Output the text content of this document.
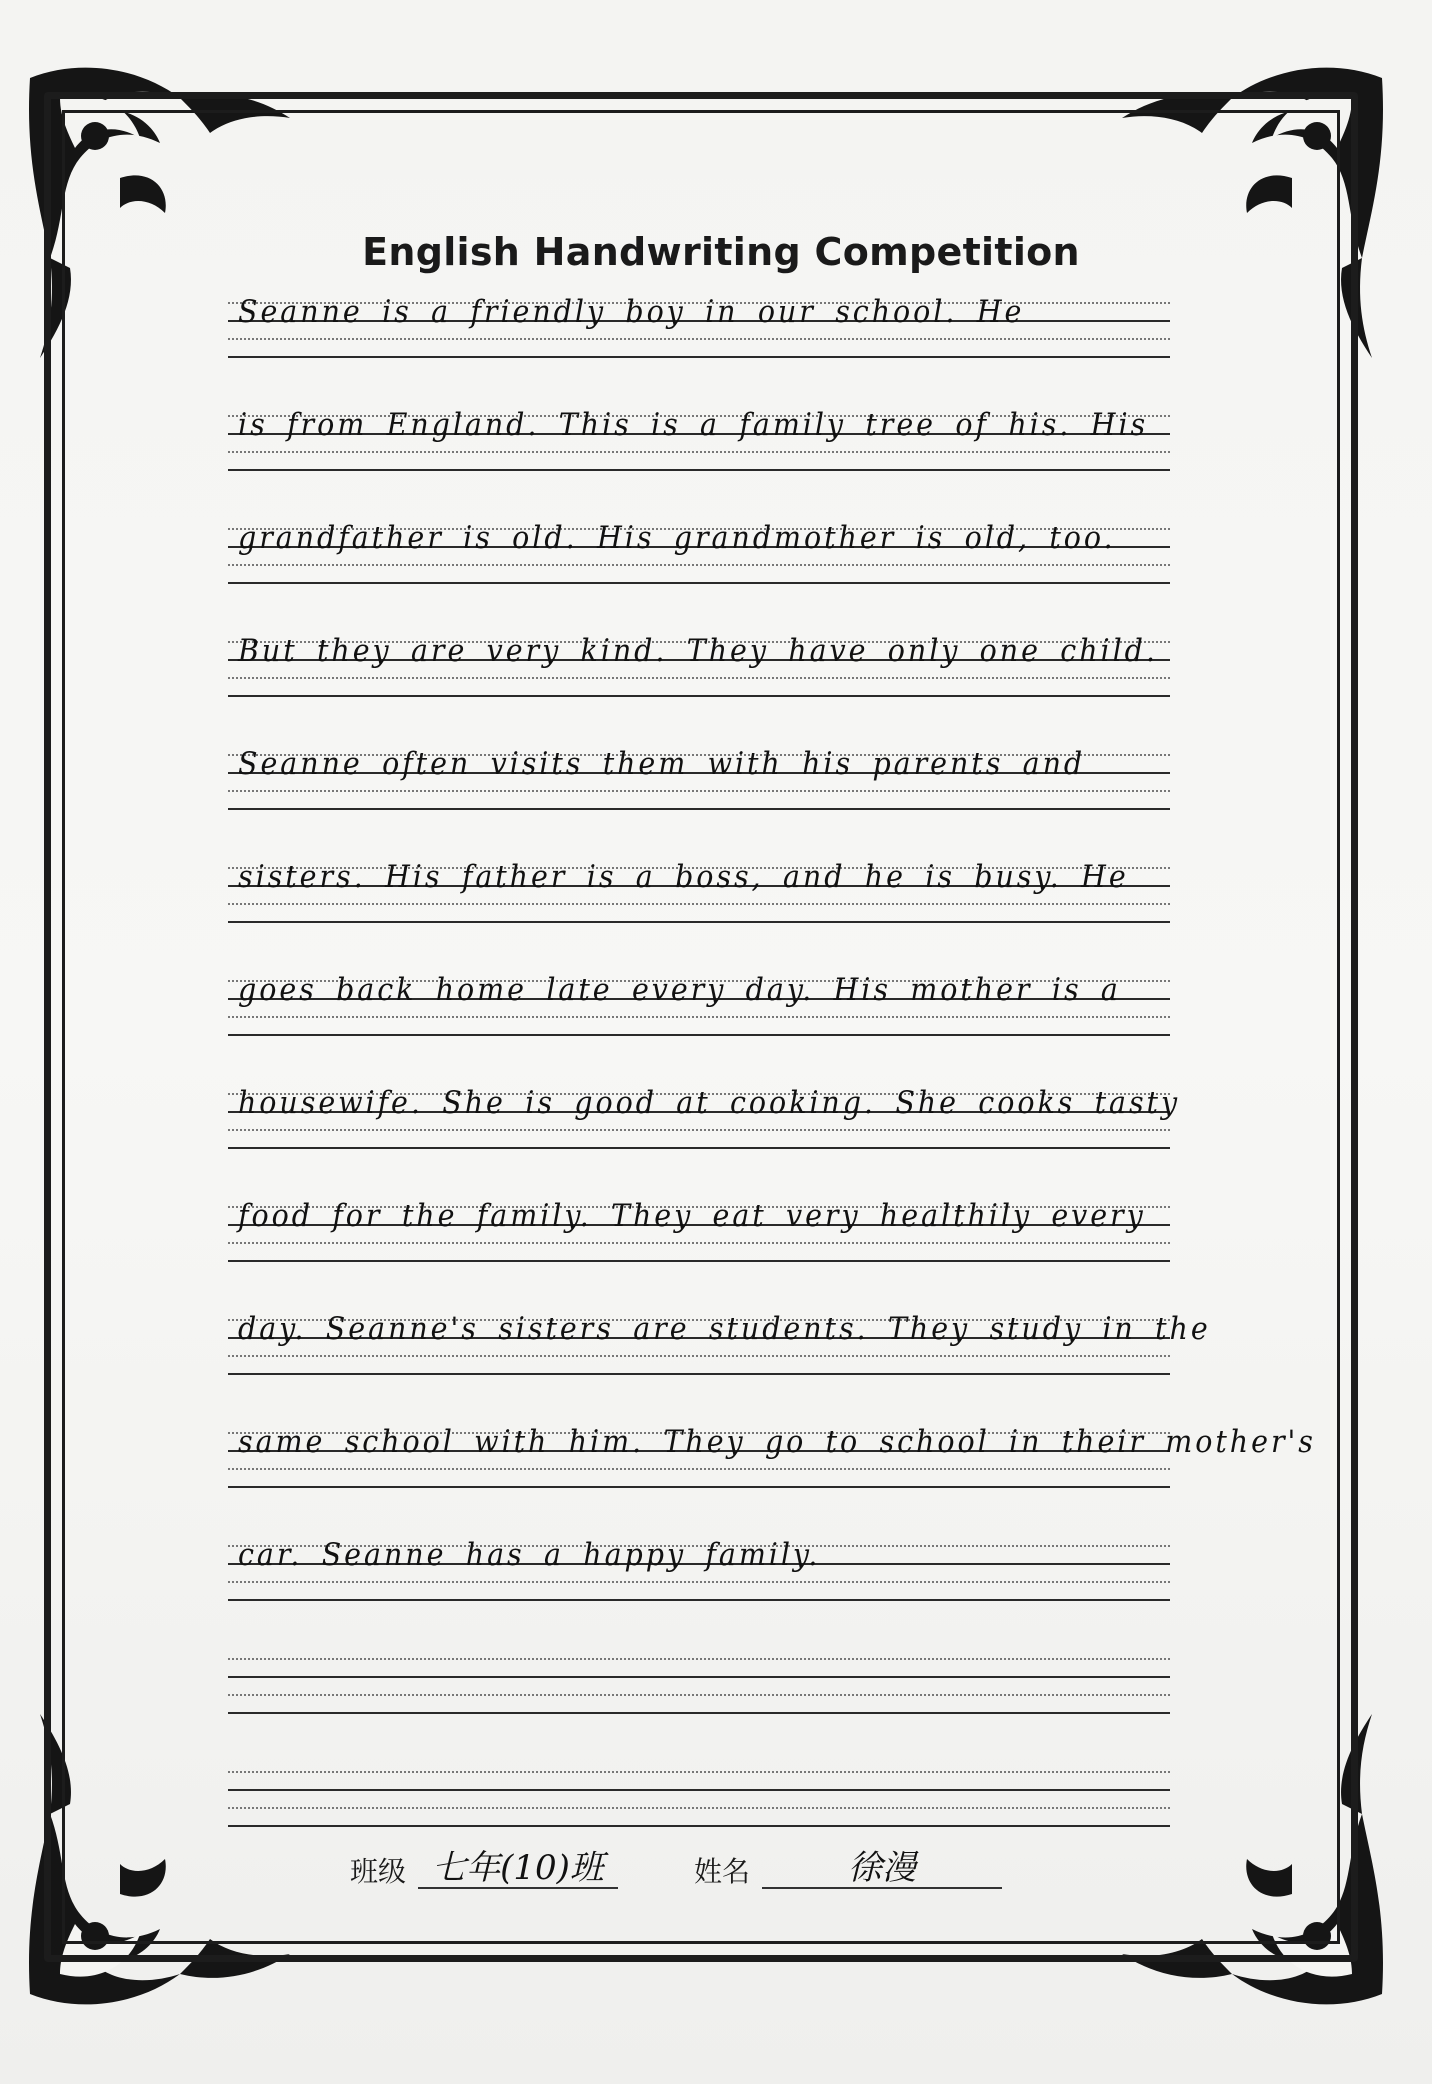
English Handwriting Competition
Seanne is a friendly boy in our school. He
is from England. This is a family tree of his. His
grandfather is old. His grandmother is old, too.
But they are very kind. They have only one child.
Seanne often visits them with his parents and
sisters. His father is a boss, and he is busy. He
goes back home late every day. His mother is a
housewife. She is good at cooking. She cooks tasty
food for the family. They eat very healthily every
day. Seanne's sisters are students. They study in the
same school with him. They go to school in their mother's
car. Seanne has a happy family.
班级 七年(10)班	姓名	徐漫
